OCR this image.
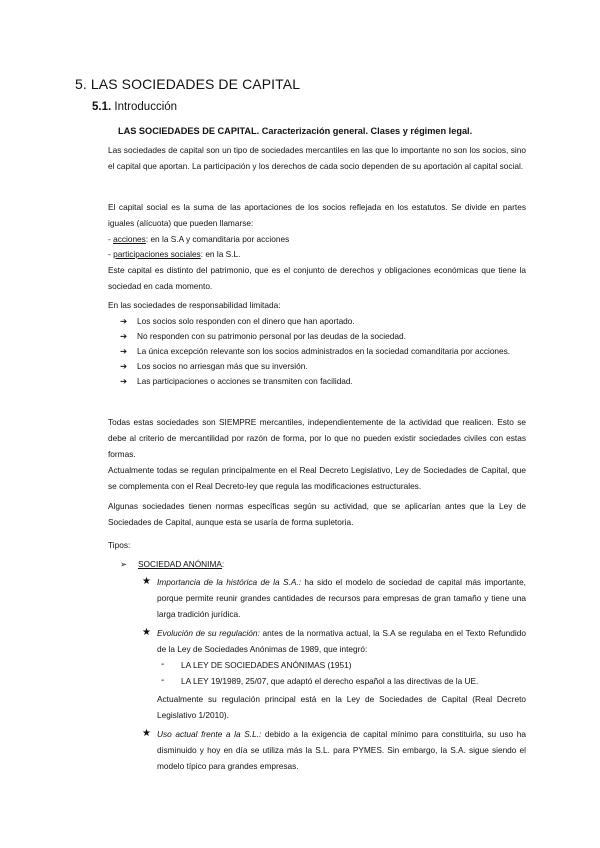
5. LAS SOCIEDADES DE CAPITAL
5.1. Introducción
LAS SOCIEDADES DE CAPITAL. Caracterización general. Clases y régimen legal.

Las sociedades de capital son un tipo de sociedades mercantiles en las que lo importante no son los socios, sino el capital que aportan. La participación y los derechos de cada socio dependen de su aportación al capital social.

El capital social es la suma de las aportaciones de los socios reflejada en los estatutos. Se divide en partes iguales (alícuota) que pueden llamarse:

- acciones: en la S.A y comanditaria por acciones
- participaciones sociales: en la S.L.

Este capital es distinto del patrimonio, que es el conjunto de derechos y obligaciones económicas que tiene la sociedad en cada momento.

En las sociedades de responsabilidad limitada:

➔ Los socios solo responden con el dinero que han aportado.
➔ No responden con su patrimonio personal por las deudas de la sociedad.
➔ La única excepción relevante son los socios administrados en la sociedad comanditaria por acciones.
➔ Los socios no arriesgan más que su inversión.
➔ Las participaciones o acciones se transmiten con facilidad.

Todas estas sociedades son SIEMPRE mercantiles, independientemente de la actividad que realicen. Esto se debe al criterio de mercantilidad por razón de forma, por lo que no pueden existir sociedades civiles con estas formas.

Actualmente todas se regulan principalmente en el Real Decreto Legislativo, Ley de Sociedades de Capital, que se complementa con el Real Decreto-ley que regula las modificaciones estructurales.

Algunas sociedades tienen normas específicas según su actividad, que se aplicarían antes que la Ley de Sociedades de Capital, aunque esta se usaría de forma supletoria.

Tipos:
➢ SOCIEDAD ANÓNIMA:
★ Importancia de la histórica de la S.A.: ha sido el modelo de sociedad de capital más importante, porque permite reunir grandes cantidades de recursos para empresas de gran tamaño y tiene una larga tradición jurídica.
★ Evolución de su regulación: antes de la normativa actual, la S.A se regulaba en el Texto Refundido de la Ley de Sociedades Anónimas de 1989, que integró:
- LA LEY DE SOCIEDADES ANÓNIMAS (1951)
- LA LEY 19/1989, 25/07, que adaptó el derecho español a las directivas de la UE.
Actualmente su regulación principal está en la Ley de Sociedades de Capital (Real Decreto Legislativo 1/2010).
★ Uso actual frente a la S.L.: debido a la exigencia de capital mínimo para constituirla, su uso ha disminuido y hoy en día se utiliza más la S.L. para PYMES. Sin embargo, la S.A. sigue siendo el modelo típico para grandes empresas.
